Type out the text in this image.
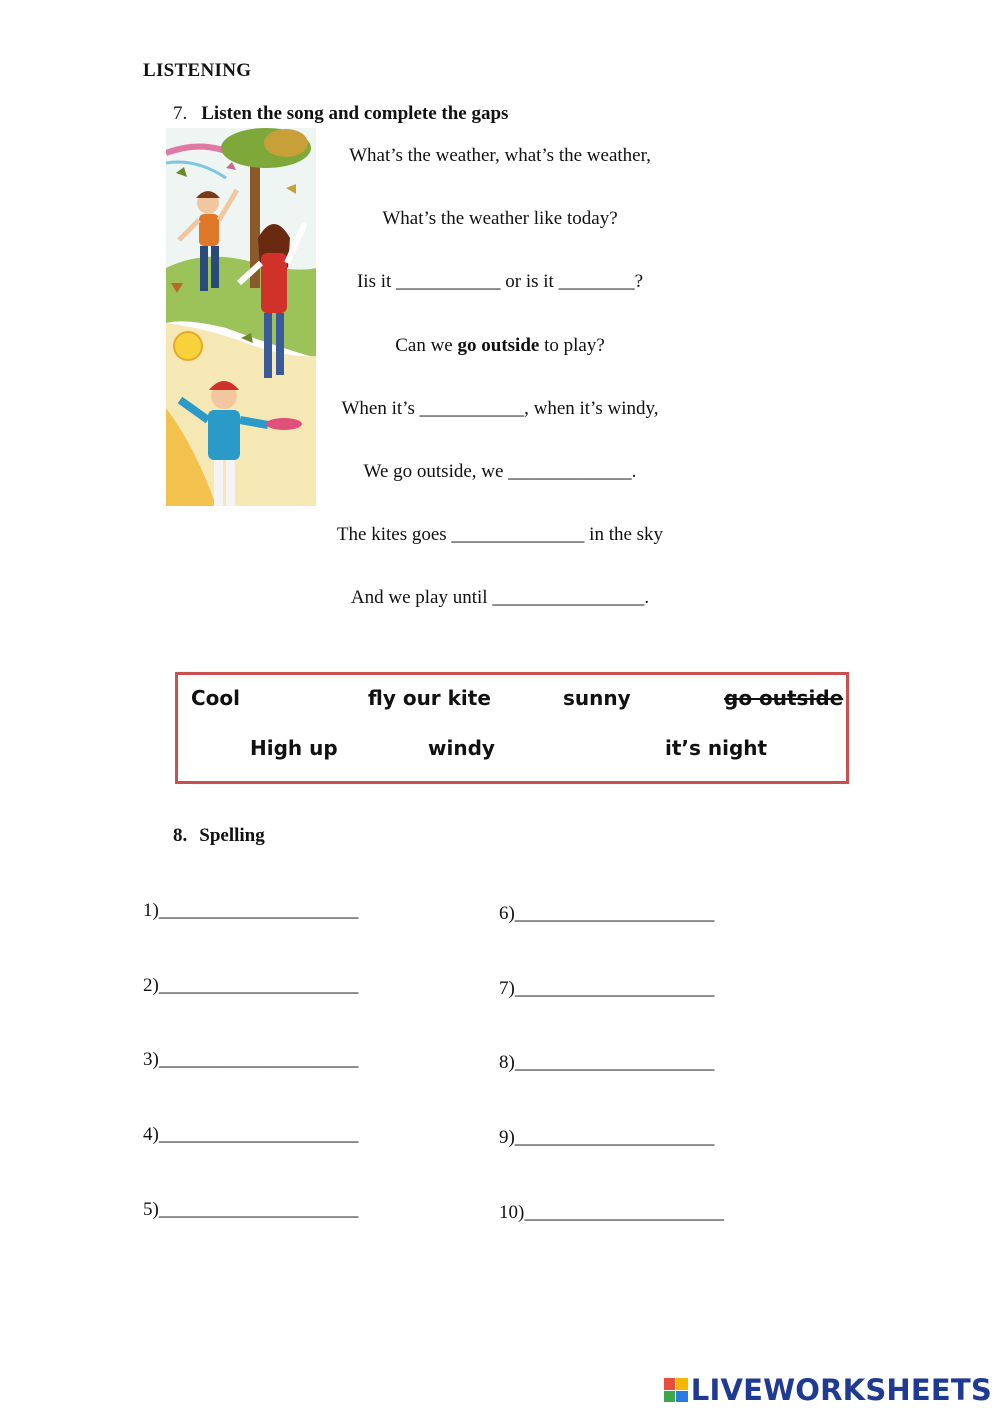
LISTENING
7. Listen the song and complete the gaps
What’s the weather, what’s the weather,
What’s the weather like today?
Iis it ___________ or is it ________?
Can we go outside to play?
When it’s ___________, when it’s windy,
We go outside, we _____________.
The kites goes ______________ in the sky
And we play until ________________.
Cool	fly our kite	sunny	go outside
High up	windy	it’s night
8. Spelling
1)_____________________
2)_____________________
3)_____________________
4)_____________________
5)_____________________
6)_____________________
7)_____________________
8)_____________________
9)_____________________
10)_____________________
LIVEWORKSHEETS
